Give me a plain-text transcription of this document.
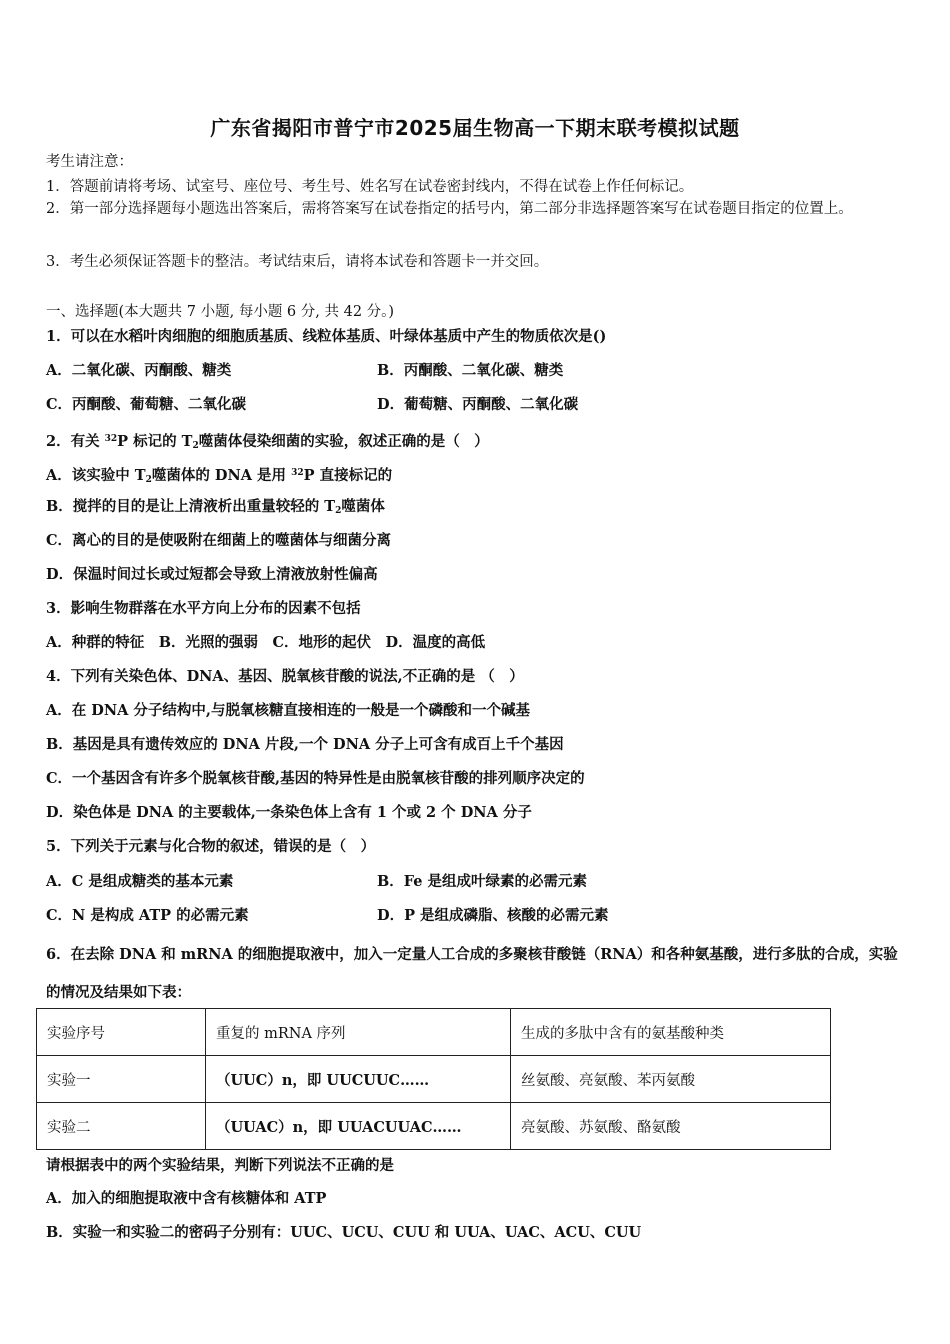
广东省揭阳市普宁市2025届生物高一下期末联考模拟试题
考生请注意：
1．答题前请将考场、试室号、座位号、考生号、姓名写在试卷密封线内，不得在试卷上作任何标记。
2．第一部分选择题每小题选出答案后，需将答案写在试卷指定的括号内，第二部分非选择题答案写在试卷题目指定的位置上。
3．考生必须保证答题卡的整洁。考试结束后，请将本试卷和答题卡一并交回。
一、选择题(本大题共 7 小题, 每小题 6 分, 共 42 分。)
1．可以在水稻叶肉细胞的细胞质基质、线粒体基质、叶绿体基质中产生的物质依次是()
A．二氧化碳、丙酮酸、糖类	B．丙酮酸、二氧化碳、糖类
C．丙酮酸、葡萄糖、二氧化碳	D．葡萄糖、丙酮酸、二氧化碳
2．有关 $^{32}$P 标记的 $T_2$噬菌体侵染细菌的实验，叙述正确的是（　）
A．该实验中 $T_2$噬菌体的 DNA 是用 $^{32}$P 直接标记的
B．搅拌的目的是让上清液析出重量较轻的 $T_2$噬菌体
C．离心的目的是使吸附在细菌上的噬菌体与细菌分离
D．保温时间过长或过短都会导致上清液放射性偏高
3．影响生物群落在水平方向上分布的因素不包括
A．种群的特征　B．光照的强弱　C．地形的起伏　D．温度的高低
4．下列有关染色体、DNA、基因、脱氧核苷酸的说法,不正确的是 （　）
A．在 DNA 分子结构中,与脱氧核糖直接相连的一般是一个磷酸和一个碱基
B．基因是具有遗传效应的 DNA 片段,一个 DNA 分子上可含有成百上千个基因
C．一个基因含有许多个脱氧核苷酸,基因的特异性是由脱氧核苷酸的排列顺序决定的
D．染色体是 DNA 的主要载体,一条染色体上含有 1 个或 2 个 DNA 分子
5．下列关于元素与化合物的叙述，错误的是（　）
A．C 是组成糖类的基本元素	B．Fe 是组成叶绿素的必需元素
C．N 是构成 ATP 的必需元素	D．P 是组成磷脂、核酸的必需元素
6．在去除 DNA 和 mRNA 的细胞提取液中，加入一定量人工合成的多聚核苷酸链（RNA）和各种氨基酸，进行多肽的合成，实验的情况及结果如下表：
实验序号	重复的 mRNA 序列	生成的多肽中含有的氨基酸种类
实验一	（UUC）n，即 UUCUUC……	丝氨酸、亮氨酸、苯丙氨酸
实验二	（UUAC）n，即 UUACUUAC……	亮氨酸、苏氨酸、酪氨酸
请根据表中的两个实验结果，判断下列说法不正确的是
A．加入的细胞提取液中含有核糖体和 ATP
B．实验一和实验二的密码子分别有：UUC、UCU、CUU 和 UUA、UAC、ACU、CUU
